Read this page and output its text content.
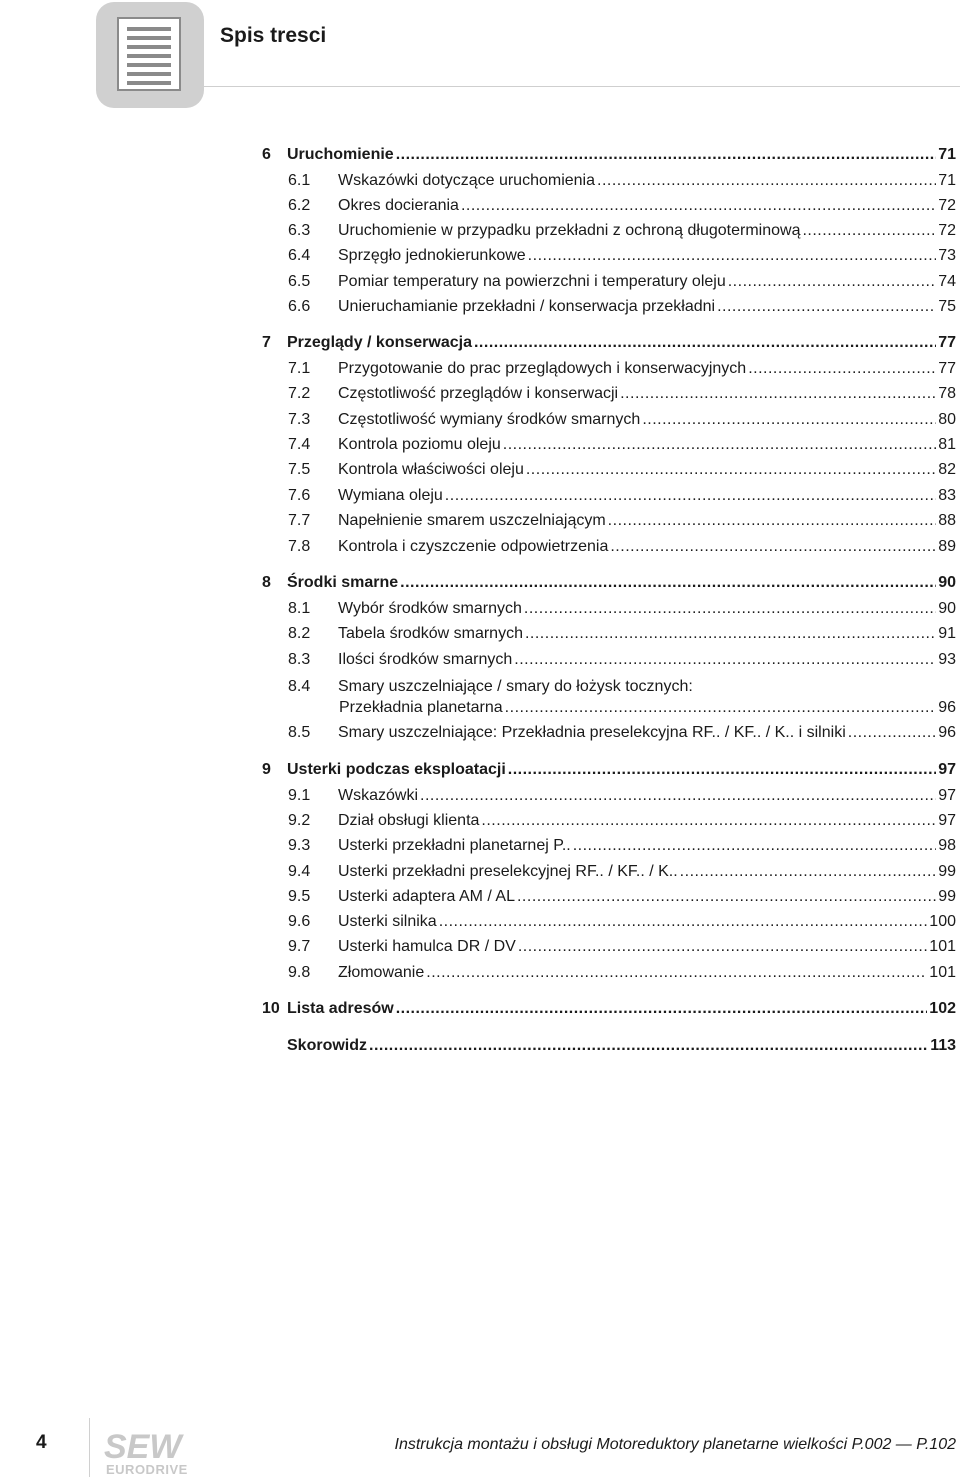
Spis tresci
6	Uruchomienie .....	71
6.1	Wskazówki dotyczące uruchomienia .....	71
6.2	Okres docierania .....	72
6.3	Uruchomienie w przypadku przekładni z ochroną długoterminową .....	72
6.4	Sprzęgło jednokierunkowe .....	73
6.5	Pomiar temperatury na powierzchni i temperatury oleju .....	74
6.6	Unieruchamianie przekładni / konserwacja przekładni .....	75
7	Przeglądy / konserwacja .....	77
7.1	Przygotowanie do prac przeglądowych i konserwacyjnych .....	77
7.2	Częstotliwość przeglądów i konserwacji .....	78
7.3	Częstotliwość wymiany środków smarnych .....	80
7.4	Kontrola poziomu oleju .....	81
7.5	Kontrola właściwości oleju .....	82
7.6	Wymiana oleju .....	83
7.7	Napełnienie smarem uszczelniającym .....	88
7.8	Kontrola i czyszczenie odpowietrzenia .....	89
8	Środki smarne .....	90
8.1	Wybór środków smarnych .....	90
8.2	Tabela środków smarnych .....	91
8.3	Ilości środków smarnych .....	93
8.4	Smary uszczelniające / smary do łożysk tocznych:
Przekładnia planetarna .....	96
8.5	Smary uszczelniające: Przekładnia preselekcyjna RF.. / KF.. / K.. i silniki .....	96
9	Usterki podczas eksploatacji .....	97
9.1	Wskazówki .....	97
9.2	Dział obsługi klienta .....	97
9.3	Usterki przekładni planetarnej P.. .....	98
9.4	Usterki przekładni preselekcyjnej RF.. / KF.. / K.. .....	99
9.5	Usterki adaptera AM / AL .....	99
9.6	Usterki silnika .....	100
9.7	Usterki hamulca DR / DV .....	101
9.8	Złomowanie .....	101
10 Lista adresów .....	102
Skorowidz .....	113
4 SEW
EURODRIVE
Instrukcja montażu i obsługi Motoreduktory planetarne wielkości P.002 — P.102
